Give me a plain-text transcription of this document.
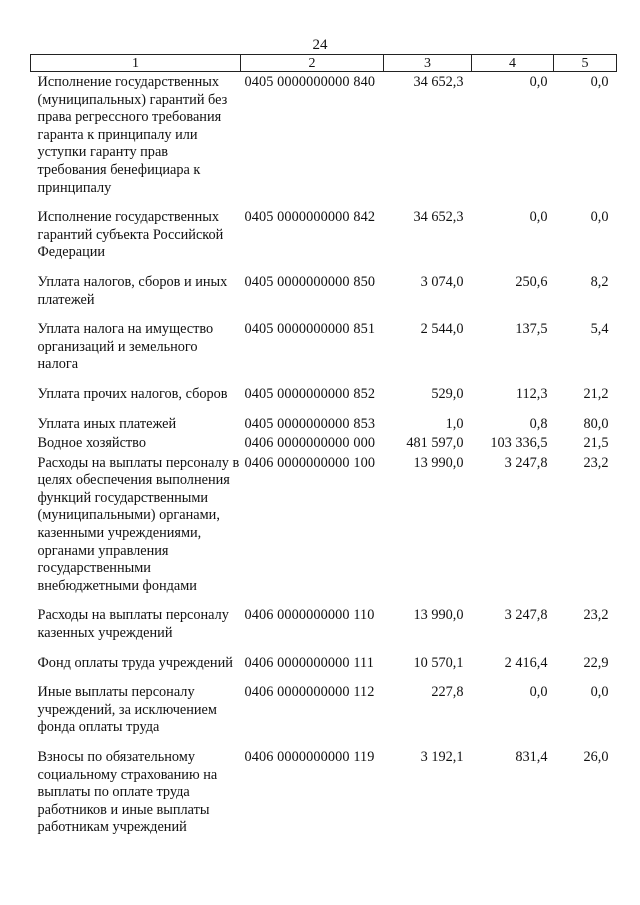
24
1	2	3	4	5
Исполнение государственных (муниципальных) гарантий без права регрессного требования гаранта к принципалу или уступки гаранту прав требования бенефициара к принципалу	0405 0000000000 840	34 652,3	0,0	0,0
Исполнение государственных гарантий субъекта Российской Федерации	0405 0000000000 842	34 652,3	0,0	0,0
Уплата налогов, сборов и иных платежей	0405 0000000000 850	3 074,0	250,6	8,2
Уплата налога на имущество организаций и земельного налога	0405 0000000000 851	2 544,0	137,5	5,4
Уплата прочих налогов, сборов	0405 0000000000 852	529,0	112,3	21,2
Уплата иных платежей	0405 0000000000 853	1,0	0,8	80,0
Водное хозяйство	0406 0000000000 000	481 597,0	103 336,5	21,5
Расходы на выплаты персоналу в целях обеспечения выполнения функций государственными (муниципальными) органами, казенными учреждениями, органами управления государственными внебюджетными фондами	0406 0000000000 100	13 990,0	3 247,8	23,2
Расходы на выплаты персоналу казенных учреждений	0406 0000000000 110	13 990,0	3 247,8	23,2
Фонд оплаты труда учреждений	0406 0000000000 111	10 570,1	2 416,4	22,9
Иные выплаты персоналу учреждений, за исключением фонда оплаты труда	0406 0000000000 112	227,8	0,0	0,0
Взносы по обязательному социальному страхованию на выплаты по оплате труда работников и иные выплаты работникам учреждений	0406 0000000000 119	3 192,1	831,4	26,0
